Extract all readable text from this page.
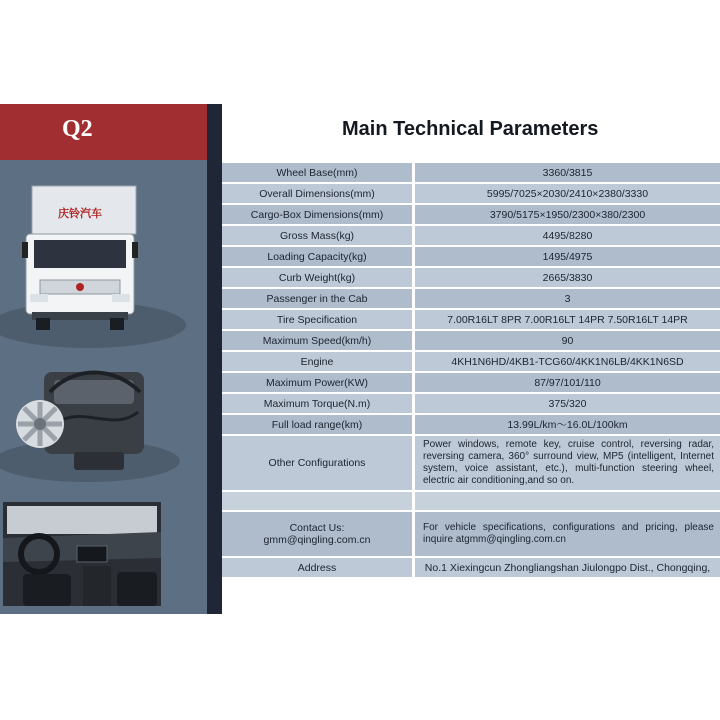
Q2
庆铃汽车
Main Technical Parameters
Wheel Base(mm)	3360/3815
Overall Dimensions(mm)	5995/7025×2030/2410×2380/3330
Cargo-Box Dimensions(mm)	3790/5175×1950/2300×380/2300
Gross Mass(kg)	4495/8280
Loading Capacity(kg)	1495/4975
Curb Weight(kg)	2665/3830
Passenger in the Cab	3
Tire Specification	7.00R16LT 8PR 7.00R16LT 14PR 7.50R16LT 14PR
Maximum Speed(km/h)	90
Engine	4KH1N6HD/4KB1-TCG60/4KK1N6LB/4KK1N6SD
Maximum Power(KW)	87/97/101/110
Maximum Torque(N.m)	375/320
Full load range(km)	13.99L/km～16.0L/100km
Other Configurations	Power windows, remote key, cruise control, reversing radar, reversing camera, 360° surround view, MP5 (intelligent, Internet system, voice assistant, etc.), multi-function steering wheel, electric air conditioning,and so on.

Contact Us:
gmm@qingling.com.cn	For vehicle specifications, configurations and pricing, please inquire atgmm@qingling.com.cn
Address	No.1 Xiexingcun Zhongliangshan Jiulongpo Dist., Chongqing,
